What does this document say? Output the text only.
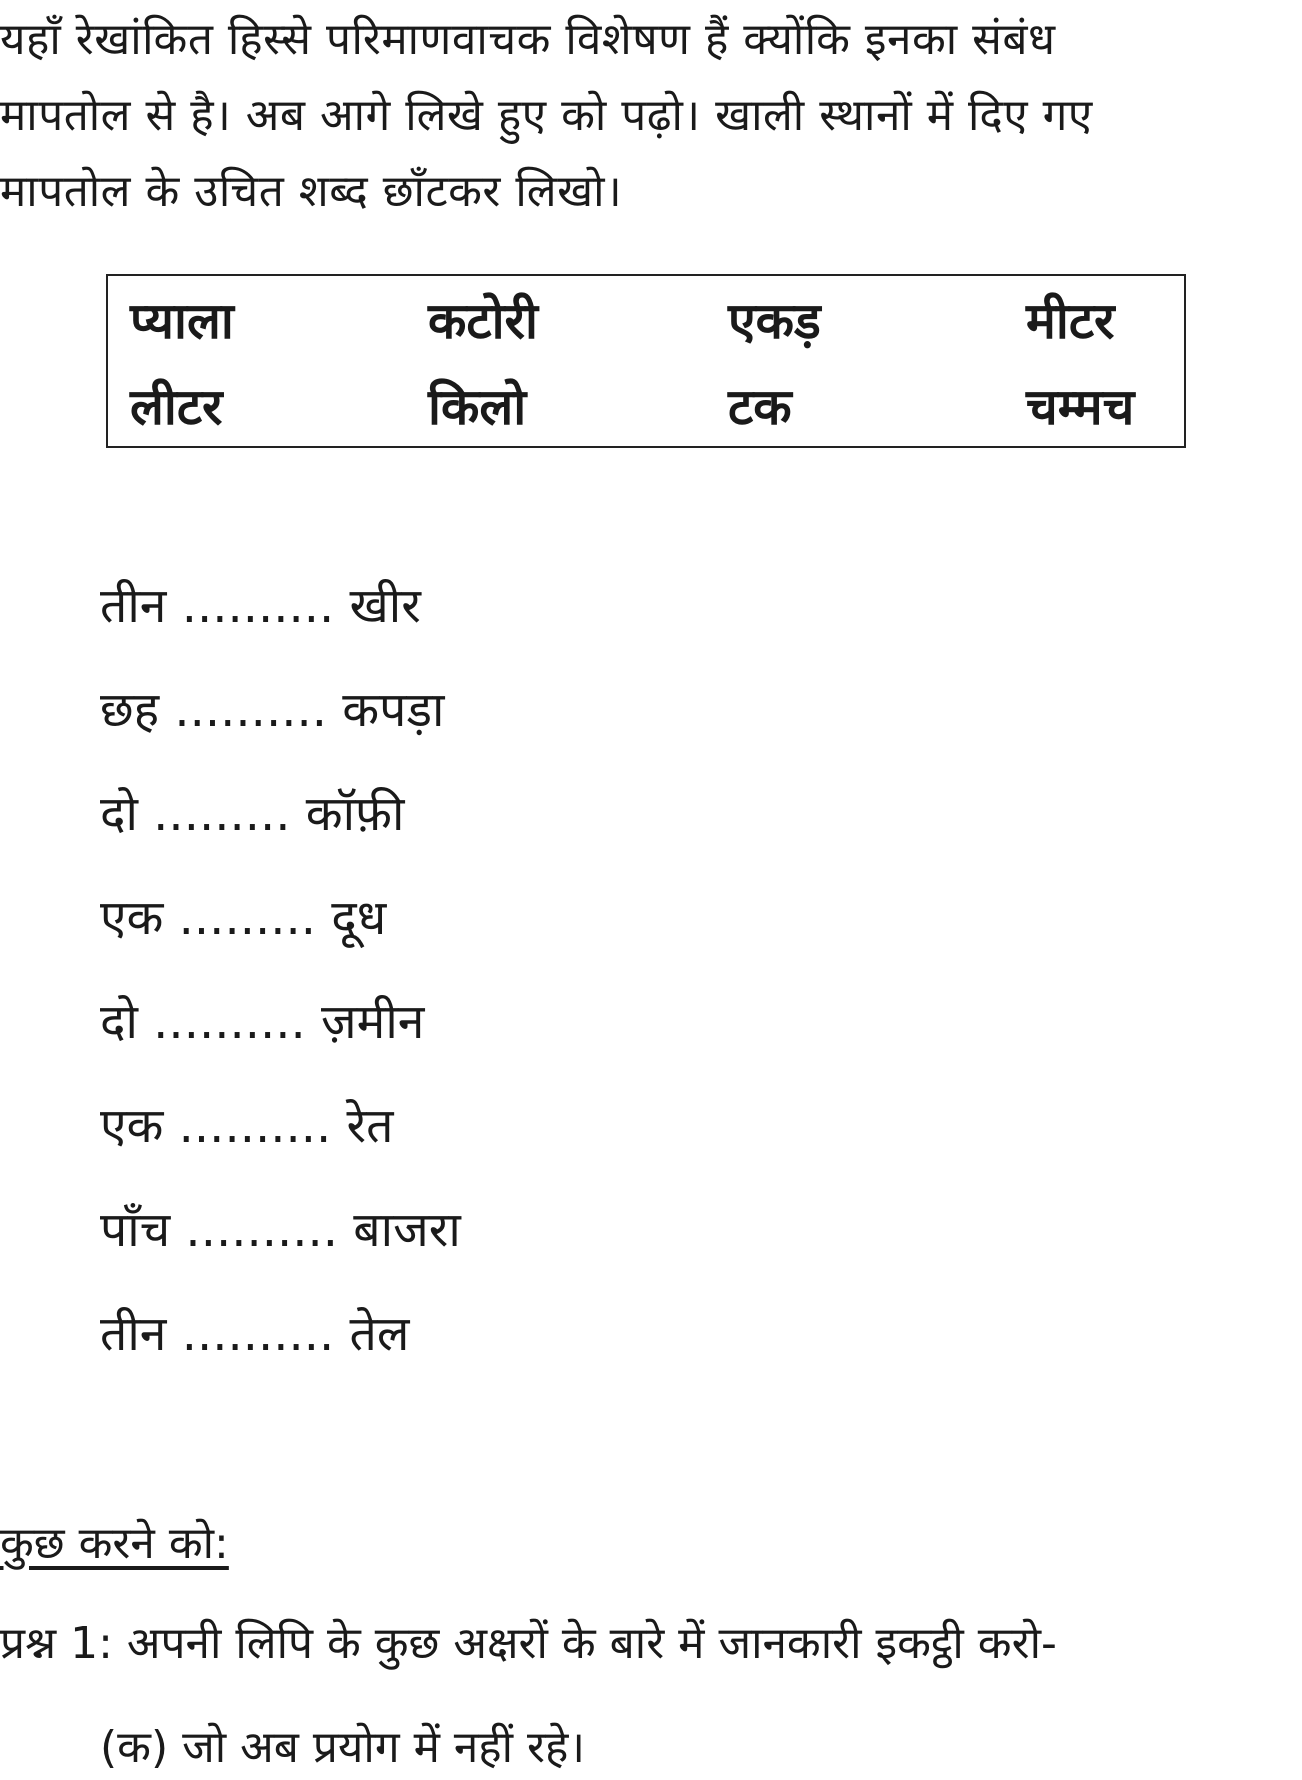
यहाँ रेखांकित हिस्से परिमाणवाचक विशेषण हैं क्योंकि इनका संबंध
मापतोल से है। अब आगे लिखे हुए को पढ़ो। खाली स्थानों में दिए गए
मापतोल के उचित शब्द छाँटकर लिखो।
प्याला	कटोरी	एकड़	मीटर
लीटर	किलो	टक	चम्मच
तीन .......... खीर
छह .......... कपड़ा
दो ......... कॉफ़ी
एक ......... दूध
दो .......... ज़मीन
एक .......... रेत
पाँच .......... बाजरा
तीन .......... तेल
कुछ करने को:
प्रश्न 1: अपनी लिपि के कुछ अक्षरों के बारे में जानकारी इकट्ठी करो-
(क) जो अब प्रयोग में नहीं रहे।
